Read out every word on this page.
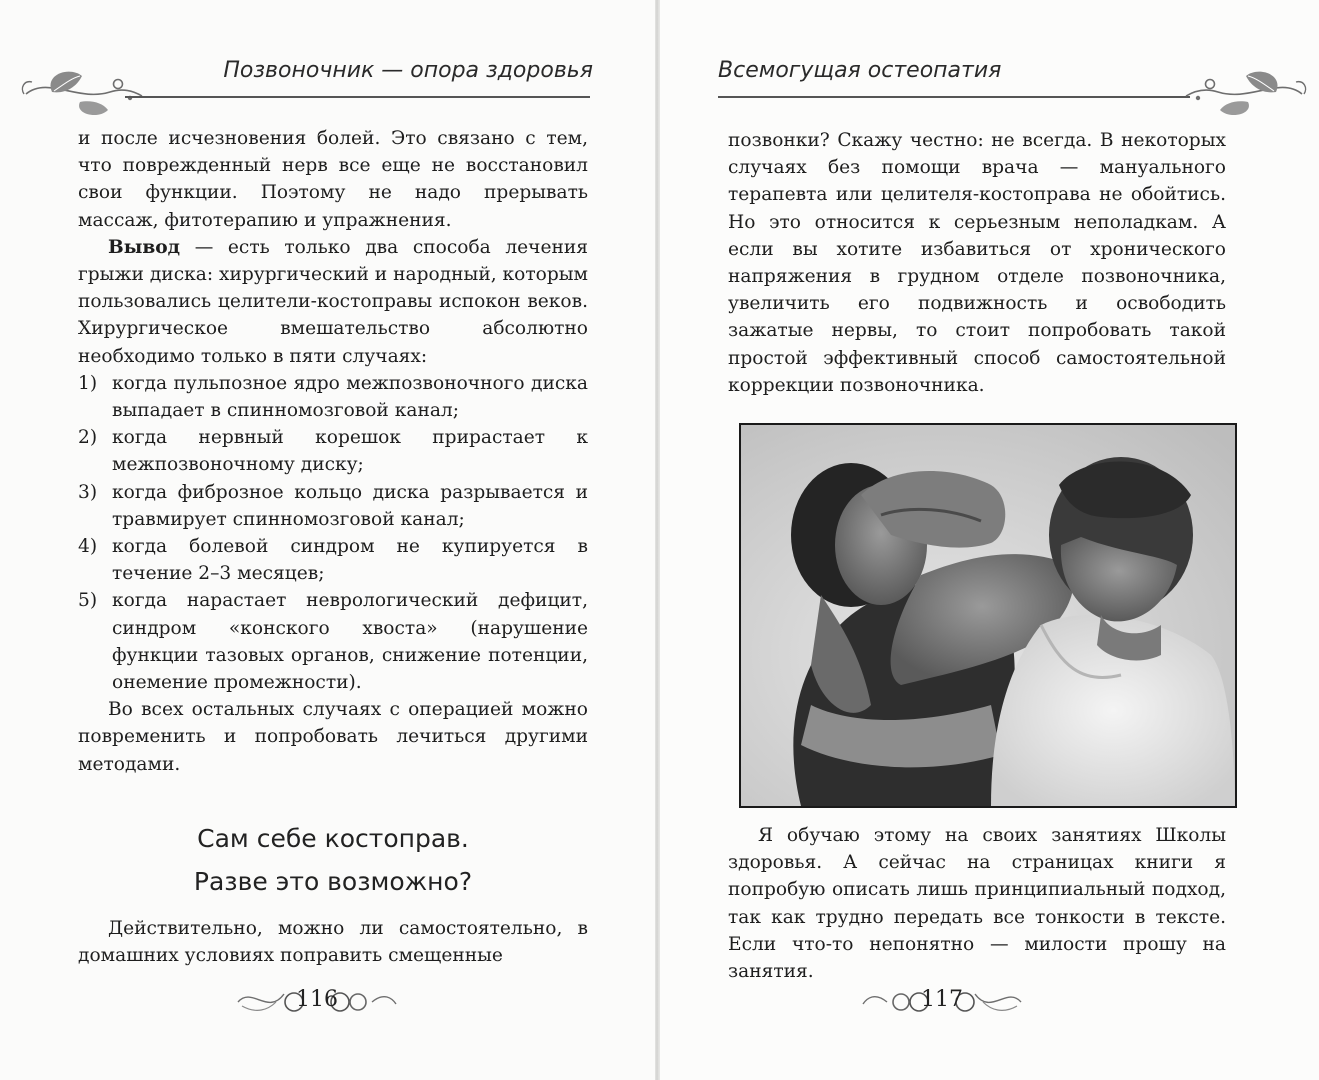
Позвоночник — опора здоровья

и после исчезновения болей. Это связано с тем, что поврежденный нерв все еще не восстановил свои функции. Поэтому не надо прерывать массаж, фитотерапию и упражнения.

Вывод — есть только два способа лечения грыжи диска: хирургический и народный, которым пользовались целители-костоправы испокон веков. Хирургическое вмешательство абсолютно необходимо только в пяти случаях:

1) когда пульпозное ядро межпозвоночного диска выпадает в спинномозговой канал;
2) когда нервный корешок прирастает к межпозвоночному диску;
3) когда фиброзное кольцо диска разрывается и травмирует спинномозговой канал;
4) когда болевой синдром не купируется в течение 2–3 месяцев;
5) когда нарастает неврологический дефицит, синдром «конского хвоста» (нарушение функции тазовых органов, снижение потенции, онемение промежности).

Во всех остальных случаях с операцией можно повременить и попробовать лечиться другими методами.

Сам себе костоправ.
Разве это возможно?

Действительно, можно ли самостоятельно, в домашних условиях поправить смещенные

116
Всемогущая остеопатия

позвонки? Скажу честно: не всегда. В некоторых случаях без помощи врача — мануального терапевта или целителя-костоправа не обойтись. Но это относится к серьезным неполадкам. А если вы хотите избавиться от хронического напряжения в грудном отделе позвоночника, увеличить его подвижность и освободить зажатые нервы, то стоит попробовать такой простой эффективный способ самостоятельной коррекции позвоночника.

Я обучаю этому на своих занятиях Школы здоровья. А сейчас на страницах книги я попробую описать лишь принципиальный подход, так как трудно передать все тонкости в тексте. Если что-то непонятно — милости прошу на занятия.

117
